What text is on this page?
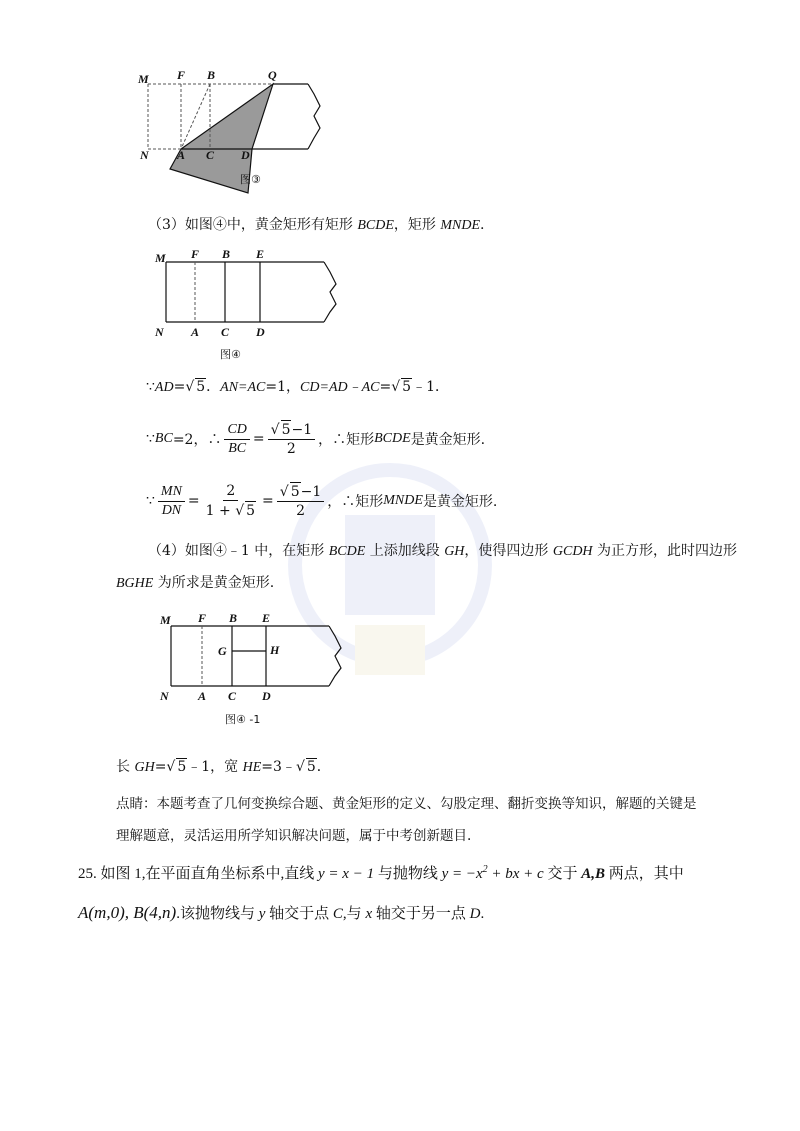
M F B	Q
N A C D
图③
（3）如图④中，黄金矩形有矩形 BCDE，矩形 MNDE.
M F B E
N A C D
图④
∵AD=√ 5．AN=AC=1，CD=AD﹣AC=√ 5﹣1．
∵ BC =2，∴ $\frac{CD}{BC} = \frac{√ 5-1}{2}$ ，∴矩形 BCDE 是黄金矩形.
∵ $\frac{MN}{DN} = \frac{2}{1 + √ 5} = \frac{√ 5-1}{2}$ ，∴矩形 MNDE 是黄金矩形.
（4）如图④﹣1 中，在矩形 BCDE 上添加线段 GH，使得四边形 GCDH 为正方形，此时四边形
BGHE 为所求是黄金矩形.
M F B E
G	H
N A C D
图④ -1
长 GH=√ 5﹣1，宽 HE=3﹣√ 5．
点睛：本题考查了几何变换综合题、黄金矩形的定义、勾股定理、翻折变换等知识，解题的关键是
理解题意，灵活运用所学知识解决问题，属于中考创新题目.
25. 如图 1,在平面直角坐标系中,直线 y = x − 1 与抛物线 $y = -x^2$ + bx + c 交于 A,B 两点，其中
A(m,0), B(4,n).该抛物线与 y 轴交于点 C,与 x 轴交于另一点 D.
